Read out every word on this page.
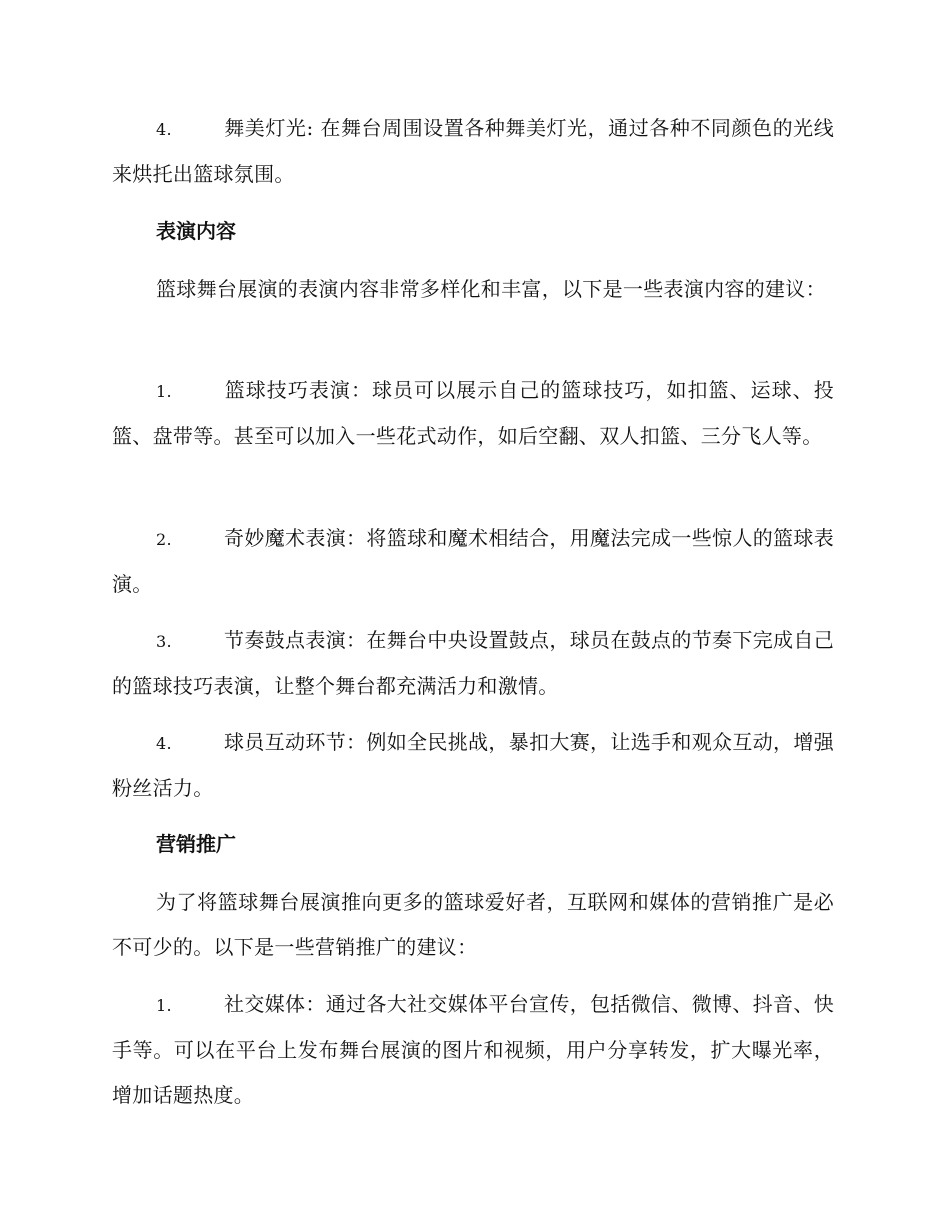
4.	舞美灯光: 在舞台周围设置各种舞美灯光，通过各种不同颜色的光线来烘托出篮球氛围。
表演内容
篮球舞台展演的表演内容非常多样化和丰富，以下是一些表演内容的建议：
1.	篮球技巧表演：球员可以展示自己的篮球技巧，如扣篮、运球、投篮、盘带等。甚至可以加入一些花式动作，如后空翻、双人扣篮、三分飞人等。
2.	奇妙魔术表演：将篮球和魔术相结合，用魔法完成一些惊人的篮球表演。
3.	节奏鼓点表演：在舞台中央设置鼓点，球员在鼓点的节奏下完成自己的篮球技巧表演，让整个舞台都充满活力和激情。
4.	球员互动环节：例如全民挑战，暴扣大赛，让选手和观众互动，增强粉丝活力。
营销推广
为了将篮球舞台展演推向更多的篮球爱好者，互联网和媒体的营销推广是必不可少的。以下是一些营销推广的建议：
1.	社交媒体：通过各大社交媒体平台宣传，包括微信、微博、抖音、快手等。可以在平台上发布舞台展演的图片和视频，用户分享转发，扩大曝光率，增加话题热度。
